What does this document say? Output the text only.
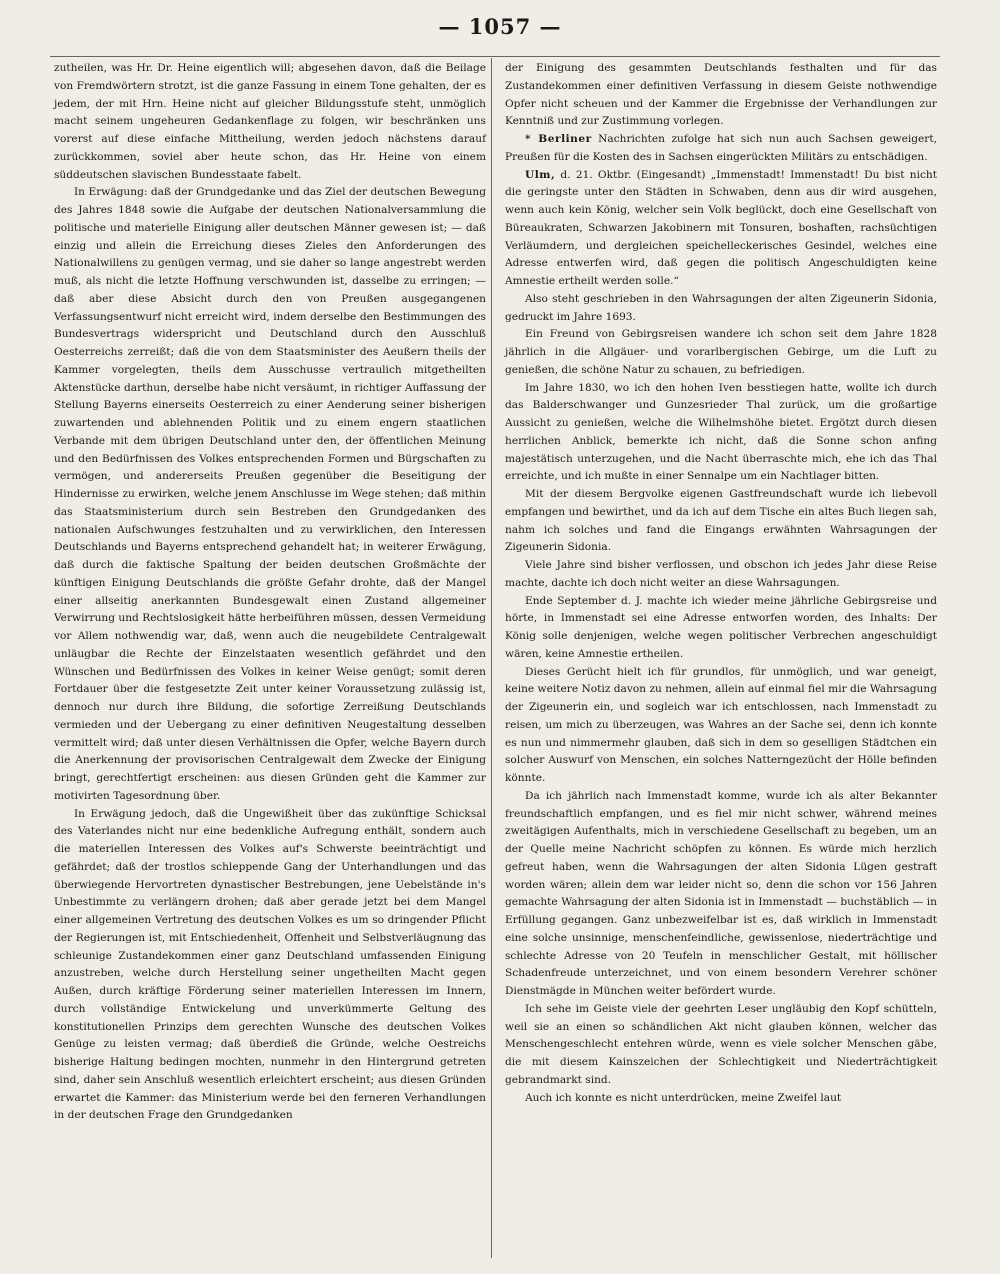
— 1057 —

zutheilen, was Hr. Dr. Heine eigentlich will; abgesehen davon, daß die Beilage von Fremdwörtern strotzt, ist die ganze Fassung in einem Tone gehalten, der es jedem, der mit Hrn. Heine nicht auf gleicher Bildungsstufe steht, unmöglich macht seinem ungeheuren Gedankenflage zu folgen, wir beschränken uns vorerst auf diese einfache Mittheilung, werden jedoch nächstens darauf zurückkommen, soviel aber heute schon, das Hr. Heine von einem süddeutschen slavischen Bundesstaate fabelt.

In Erwägung: daß der Grundgedanke und das Ziel der deutschen Bewegung des Jahres 1848 sowie die Aufgabe der deutschen Nationalversammlung die politische und materielle Einigung aller deutschen Männer gewesen ist; — daß einzig und allein die Erreichung dieses Zieles den Anforderungen des Nationalwillens zu genügen vermag, und sie daher so lange angestrebt werden muß, als nicht die letzte Hoffnung verschwunden ist, dasselbe zu erringen; — daß aber diese Absicht durch den von Preußen ausgegangenen Verfassungsentwurf nicht erreicht wird, indem derselbe den Bestimmungen des Bundesvertrags widerspricht und Deutschland durch den Ausschluß Oesterreichs zerreißt; daß die von dem Staatsminister des Aeußern theils der Kammer vorgelegten, theils dem Ausschusse vertraulich mitgetheilten Aktenstücke darthun, derselbe habe nicht versäumt, in richtiger Auffassung der Stellung Bayerns einerseits Oesterreich zu einer Aenderung seiner bisherigen zuwartenden und ablehnenden Politik und zu einem engern staatlichen Verbande mit dem übrigen Deutschland unter den, der öffentlichen Meinung und den Bedürfnissen des Volkes entsprechenden Formen und Bürgschaften zu vermögen, und andererseits Preußen gegenüber die Beseitigung der Hindernisse zu erwirken, welche jenem Anschlusse im Wege stehen; daß mithin das Staatsministerium durch sein Bestreben den Grundgedanken des nationalen Aufschwunges festzuhalten und zu verwirklichen, den Interessen Deutschlands und Bayerns entsprechend gehandelt hat; in weiterer Erwägung, daß durch die faktische Spaltung der beiden deutschen Großmächte der künftigen Einigung Deutschlands die größte Gefahr drohte, daß der Mangel einer allseitig anerkannten Bundesgewalt einen Zustand allgemeiner Verwirrung und Rechtslosigkeit hätte herbeiführen müssen, dessen Vermeidung vor Allem nothwendig war, daß, wenn auch die neugebildete Centralgewalt unläugbar die Rechte der Einzelstaaten wesentlich gefährdet und den Wünschen und Bedürfnissen des Volkes in keiner Weise genügt; somit deren Fortdauer über die festgesetzte Zeit unter keiner Voraussetzung zulässig ist, dennoch nur durch ihre Bildung, die sofortige Zerreißung Deutschlands vermieden und der Uebergang zu einer definitiven Neugestaltung desselben vermittelt wird; daß unter diesen Verhältnissen die Opfer, welche Bayern durch die Anerkennung der provisorischen Centralgewalt dem Zwecke der Einigung bringt, gerechtfertigt erscheinen: aus diesen Gründen geht die Kammer zur motivirten Tagesordnung über.

In Erwägung jedoch, daß die Ungewißheit über das zukünftige Schicksal des Vaterlandes nicht nur eine bedenkliche Aufregung enthält, sondern auch die materiellen Interessen des Volkes auf's Schwerste beeinträchtigt und gefährdet; daß der trostlos schleppende Gang der Unterhandlungen und das überwiegende Hervortreten dynastischer Bestrebungen, jene Uebelstände in's Unbestimmte zu verlängern drohen; daß aber gerade jetzt bei dem Mangel einer allgemeinen Vertretung des deutschen Volkes es um so dringender Pflicht der Regierungen ist, mit Entschiedenheit, Offenheit und Selbstverläugnung das schleunige Zustandekommen einer ganz Deutschland umfassenden Einigung anzustreben, welche durch Herstellung seiner ungetheilten Macht gegen Außen, durch kräftige Förderung seiner materiellen Interessen im Innern, durch vollständige Entwickelung und unverkümmerte Geltung des konstitutionellen Prinzips dem gerechten Wunsche des deutschen Volkes Genüge zu leisten vermag; daß überdieß die Gründe, welche Oestreichs bisherige Haltung bedingen mochten, nunmehr in den Hintergrund getreten sind, daher sein Anschluß wesentlich erleichtert erscheint; aus diesen Gründen erwartet die Kammer: das Ministerium werde bei den ferneren Verhandlungen in der deutschen Frage den Grundgedanken

der Einigung des gesammten Deutschlands festhalten und für das Zustandekommen einer definitiven Verfassung in diesem Geiste nothwendige Opfer nicht scheuen und der Kammer die Ergebnisse der Verhandlungen zur Kenntniß und zur Zustimmung vorlegen.

* Berliner Nachrichten zufolge hat sich nun auch Sachsen geweigert, Preußen für die Kosten des in Sachsen eingerückten Militärs zu entschädigen.

Ulm, d. 21. Oktbr. (Eingesandt) „Immenstadt! Immenstadt! Du bist nicht die geringste unter den Städten in Schwaben, denn aus dir wird ausgehen, wenn auch kein König, welcher sein Volk beglückt, doch eine Gesellschaft von Büreaukraten, Schwarzen Jakobinern mit Tonsuren, boshaften, rachsüchtigen Verläumdern, und dergleichen speichelleckerisches Gesindel, welches eine Adresse entwerfen wird, daß gegen die politisch Angeschuldigten keine Amnestie ertheilt werden solle.“

Also steht geschrieben in den Wahrsagungen der alten Zigeunerin Sidonia, gedruckt im Jahre 1693.

Ein Freund von Gebirgsreisen wandere ich schon seit dem Jahre 1828 jährlich in die Allgäuer- und vorarlbergischen Gebirge, um die Luft zu genießen, die schöne Natur zu schauen, zu befriedigen.

Im Jahre 1830, wo ich den hohen Iven besstiegen hatte, wollte ich durch das Balderschwanger und Gunzesrieder Thal zurück, um die großartige Aussicht zu genießen, welche die Wilhelmshöhe bietet. Ergötzt durch diesen herrlichen Anblick, bemerkte ich nicht, daß die Sonne schon anfing majestätisch unterzugehen, und die Nacht überraschte mich, ehe ich das Thal erreichte, und ich mußte in einer Sennalpe um ein Nachtlager bitten.

Mit der diesem Bergvolke eigenen Gastfreundschaft wurde ich liebevoll empfangen und bewirthet, und da ich auf dem Tische ein altes Buch liegen sah, nahm ich solches und fand die Eingangs erwähnten Wahrsagungen der Zigeunerin Sidonia.

Viele Jahre sind bisher verflossen, und obschon ich jedes Jahr diese Reise machte, dachte ich doch nicht weiter an diese Wahrsagungen.

Ende September d. J. machte ich wieder meine jährliche Gebirgsreise und hörte, in Immenstadt sei eine Adresse entworfen worden, des Inhalts: Der König solle denjenigen, welche wegen politischer Verbrechen angeschuldigt wären, keine Amnestie ertheilen.

Dieses Gerücht hielt ich für grundlos, für unmöglich, und war geneigt, keine weitere Notiz davon zu nehmen, allein auf einmal fiel mir die Wahrsagung der Zigeunerin ein, und sogleich war ich entschlossen, nach Immenstadt zu reisen, um mich zu überzeugen, was Wahres an der Sache sei, denn ich konnte es nun und nimmermehr glauben, daß sich in dem so geselligen Städtchen ein solcher Auswurf von Menschen, ein solches Natterngezücht der Hölle befinden könnte.

Da ich jährlich nach Immenstadt komme, wurde ich als alter Bekannter freundschaftlich empfangen, und es fiel mir nicht schwer, während meines zweitägigen Aufenthalts, mich in verschiedene Gesellschaft zu begeben, um an der Quelle meine Nachricht schöpfen zu können. Es würde mich herzlich gefreut haben, wenn die Wahrsagungen der alten Sidonia Lügen gestraft worden wären; allein dem war leider nicht so, denn die schon vor 156 Jahren gemachte Wahrsagung der alten Sidonia ist in Immenstadt — buchstäblich — in Erfüllung gegangen. Ganz unbezweifelbar ist es, daß wirklich in Immenstadt eine solche unsinnige, menschenfeindliche, gewissenlose, niederträchtige und schlechte Adresse von 20 Teufeln in menschlicher Gestalt, mit höllischer Schadenfreude unterzeichnet, und von einem besondern Verehrer schöner Dienstmägde in München weiter befördert wurde.

Ich sehe im Geiste viele der geehrten Leser ungläubig den Kopf schütteln, weil sie an einen so schändlichen Akt nicht glauben können, welcher das Menschengeschlecht entehren würde, wenn es viele solcher Menschen gäbe, die mit diesem Kainszeichen der Schlechtigkeit und Niederträchtigkeit gebrandmarkt sind.

Auch ich konnte es nicht unterdrücken, meine Zweifel laut
